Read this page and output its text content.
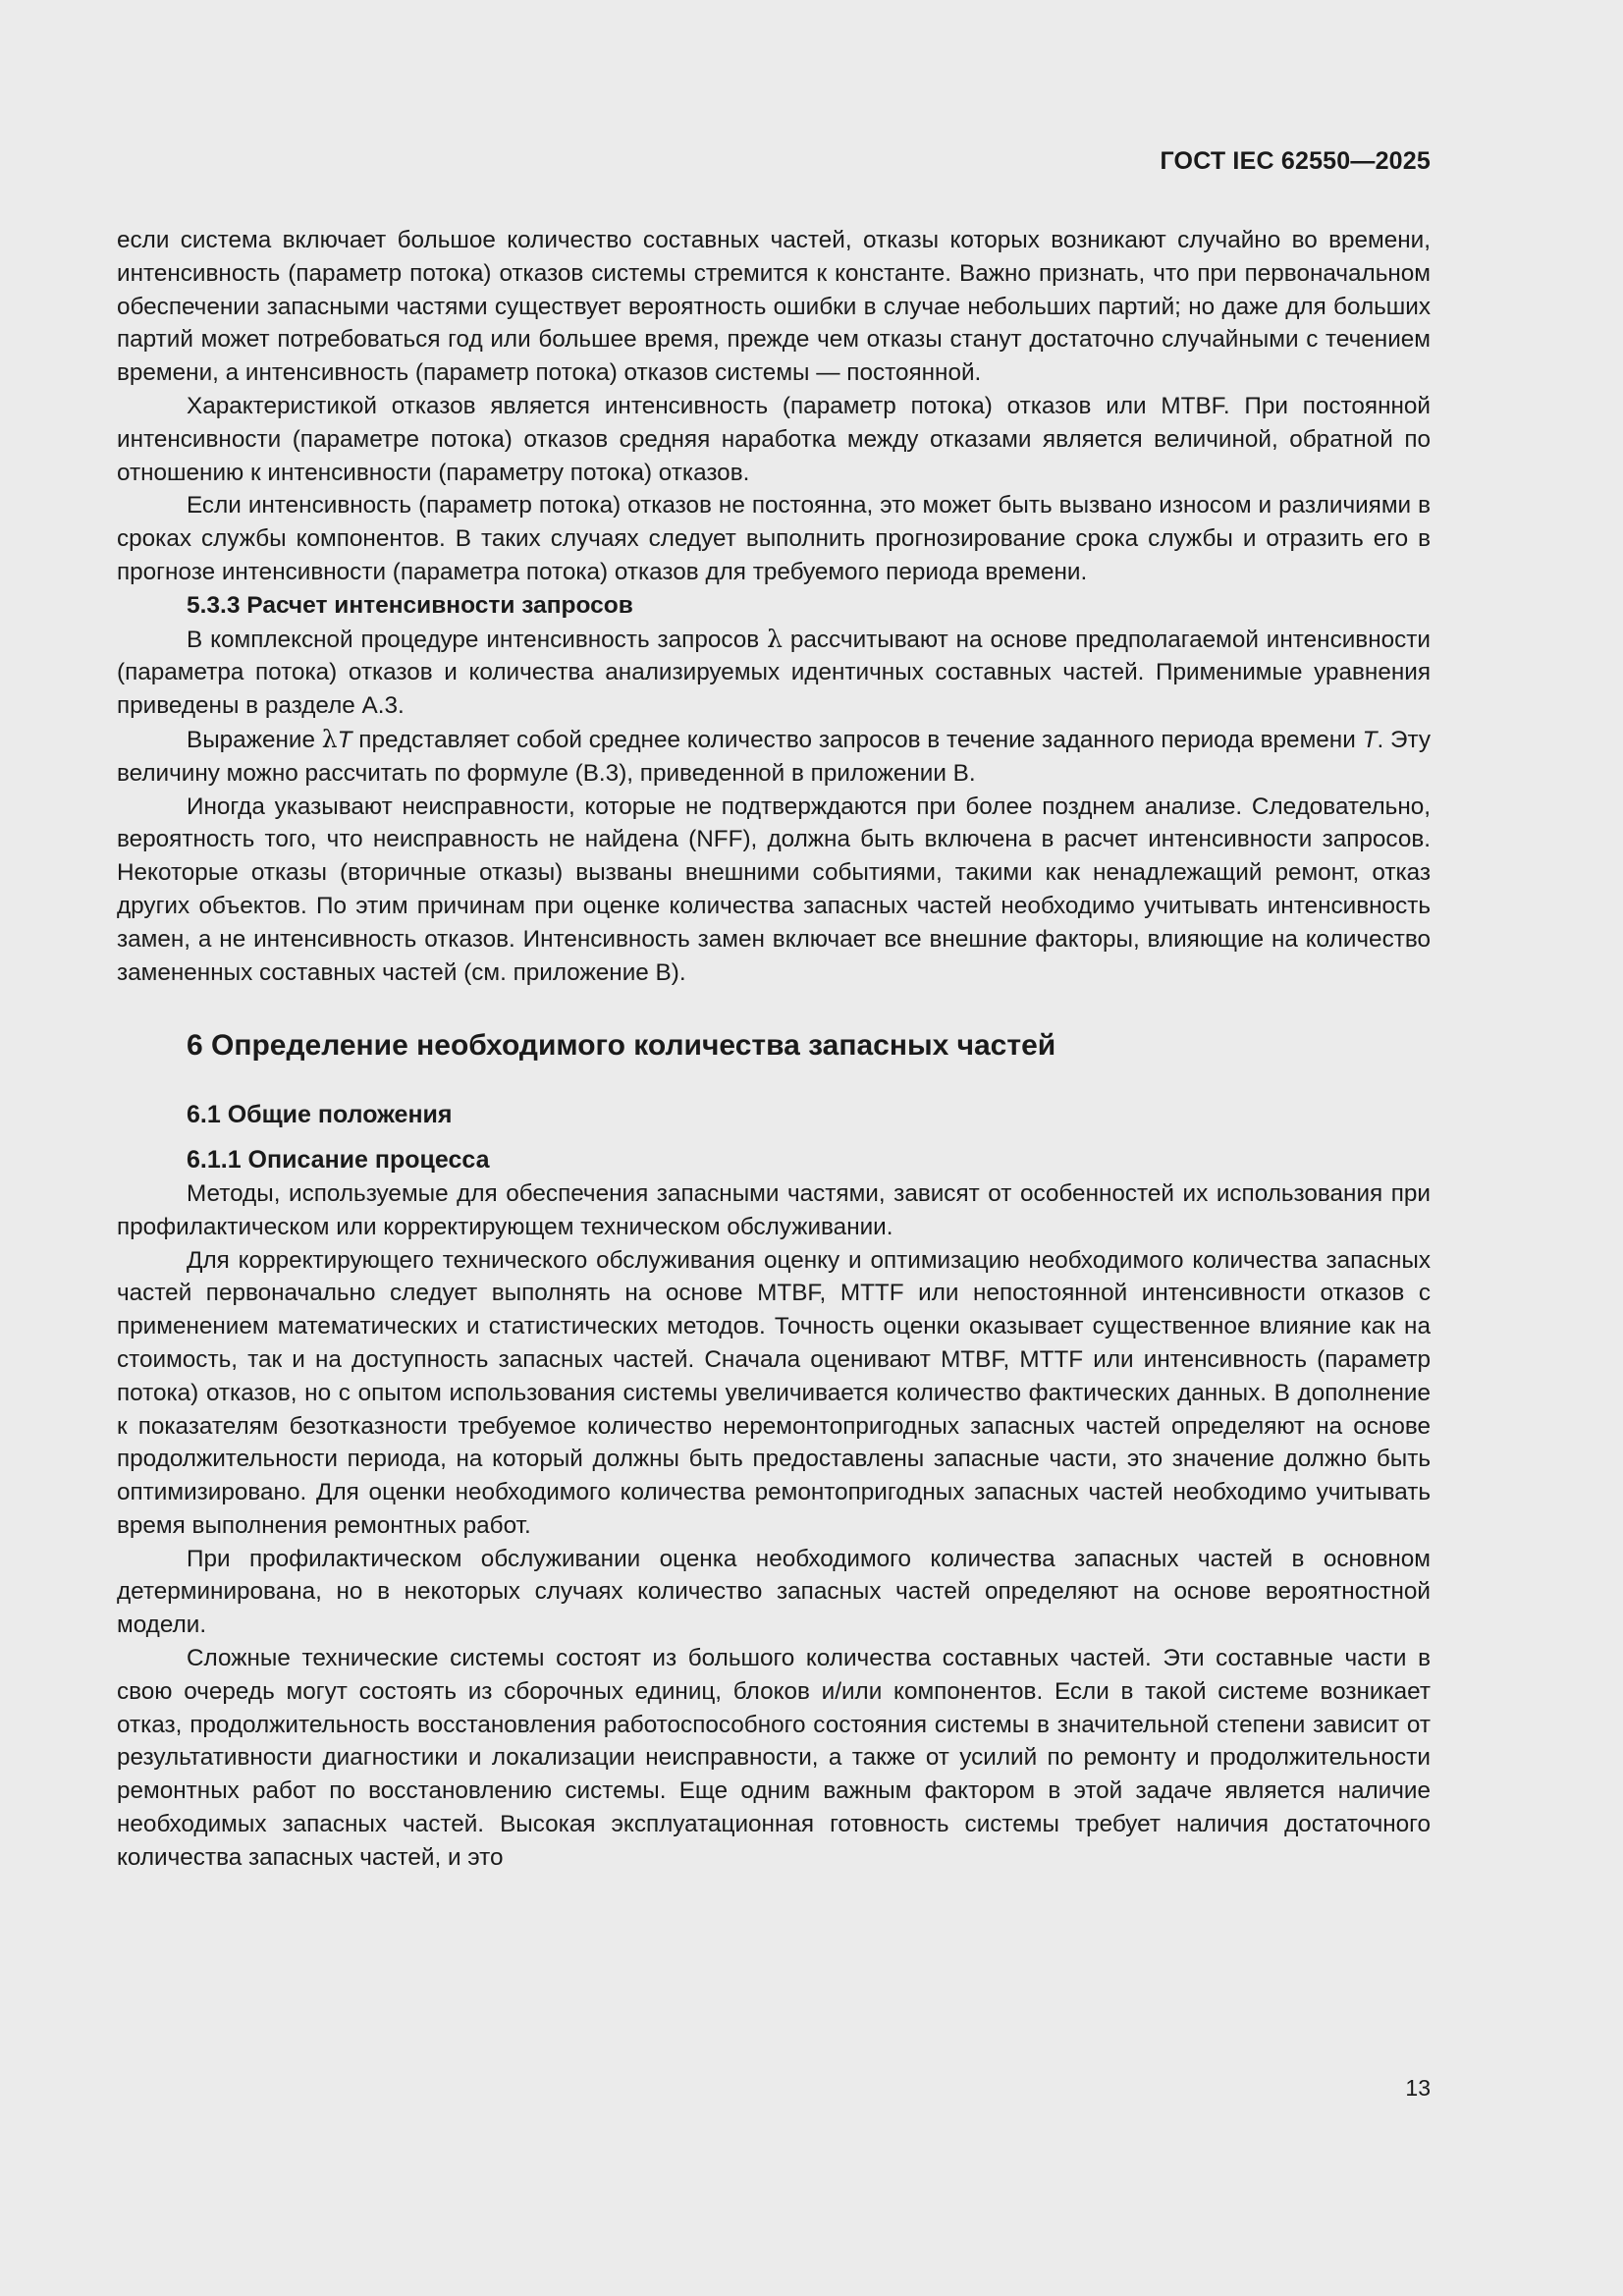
ГОСТ IEC 62550—2025

если система включает большое количество составных частей, отказы которых возникают случайно во времени, интенсивность (параметр потока) отказов системы стремится к константе. Важно признать, что при первоначальном обеспечении запасными частями существует вероятность ошибки в случае небольших партий; но даже для больших партий может потребоваться год или большее время, прежде чем отказы станут достаточно случайными с течением времени, а интенсивность (параметр потока) отказов системы — постоянной.

Характеристикой отказов является интенсивность (параметр потока) отказов или MTBF. При постоянной интенсивности (параметре потока) отказов средняя наработка между отказами является величиной, обратной по отношению к интенсивности (параметру потока) отказов.

Если интенсивность (параметр потока) отказов не постоянна, это может быть вызвано износом и различиями в сроках службы компонентов. В таких случаях следует выполнить прогнозирование срока службы и отразить его в прогнозе интенсивности (параметра потока) отказов для требуемого периода времени.

5.3.3 Расчет интенсивности запросов

В комплексной процедуре интенсивность запросов λ рассчитывают на основе предполагаемой интенсивности (параметра потока) отказов и количества анализируемых идентичных составных частей. Применимые уравнения приведены в разделе А.3.

Выражение λT представляет собой среднее количество запросов в течение заданного периода времени T. Эту величину можно рассчитать по формуле (В.3), приведенной в приложении В.

Иногда указывают неисправности, которые не подтверждаются при более позднем анализе. Следовательно, вероятность того, что неисправность не найдена (NFF), должна быть включена в расчет интенсивности запросов. Некоторые отказы (вторичные отказы) вызваны внешними событиями, такими как ненадлежащий ремонт, отказ других объектов. По этим причинам при оценке количества запасных частей необходимо учитывать интенсивность замен, а не интенсивность отказов. Интенсивность замен включает все внешние факторы, влияющие на количество замененных составных частей (см. приложение В).

6 Определение необходимого количества запасных частей
6.1 Общие положения
6.1.1 Описание процесса

Методы, используемые для обеспечения запасными частями, зависят от особенностей их использования при профилактическом или корректирующем техническом обслуживании.

Для корректирующего технического обслуживания оценку и оптимизацию необходимого количества запасных частей первоначально следует выполнять на основе MTBF, MTTF или непостоянной интенсивности отказов с применением математических и статистических методов. Точность оценки оказывает существенное влияние как на стоимость, так и на доступность запасных частей. Сначала оценивают MTBF, MTTF или интенсивность (параметр потока) отказов, но с опытом использования системы увеличивается количество фактических данных. В дополнение к показателям безотказности требуемое количество неремонтопригодных запасных частей определяют на основе продолжительности периода, на который должны быть предоставлены запасные части, это значение должно быть оптимизировано. Для оценки необходимого количества ремонтопригодных запасных частей необходимо учитывать время выполнения ремонтных работ.

При профилактическом обслуживании оценка необходимого количества запасных частей в основном детерминирована, но в некоторых случаях количество запасных частей определяют на основе вероятностной модели.

Сложные технические системы состоят из большого количества составных частей. Эти составные части в свою очередь могут состоять из сборочных единиц, блоков и/или компонентов. Если в такой системе возникает отказ, продолжительность восстановления работоспособного состояния системы в значительной степени зависит от результативности диагностики и локализации неисправности, а также от усилий по ремонту и продолжительности ремонтных работ по восстановлению системы. Еще одним важным фактором в этой задаче является наличие необходимых запасных частей. Высокая эксплуатационная готовность системы требует наличия достаточного количества запасных частей, и это

13
